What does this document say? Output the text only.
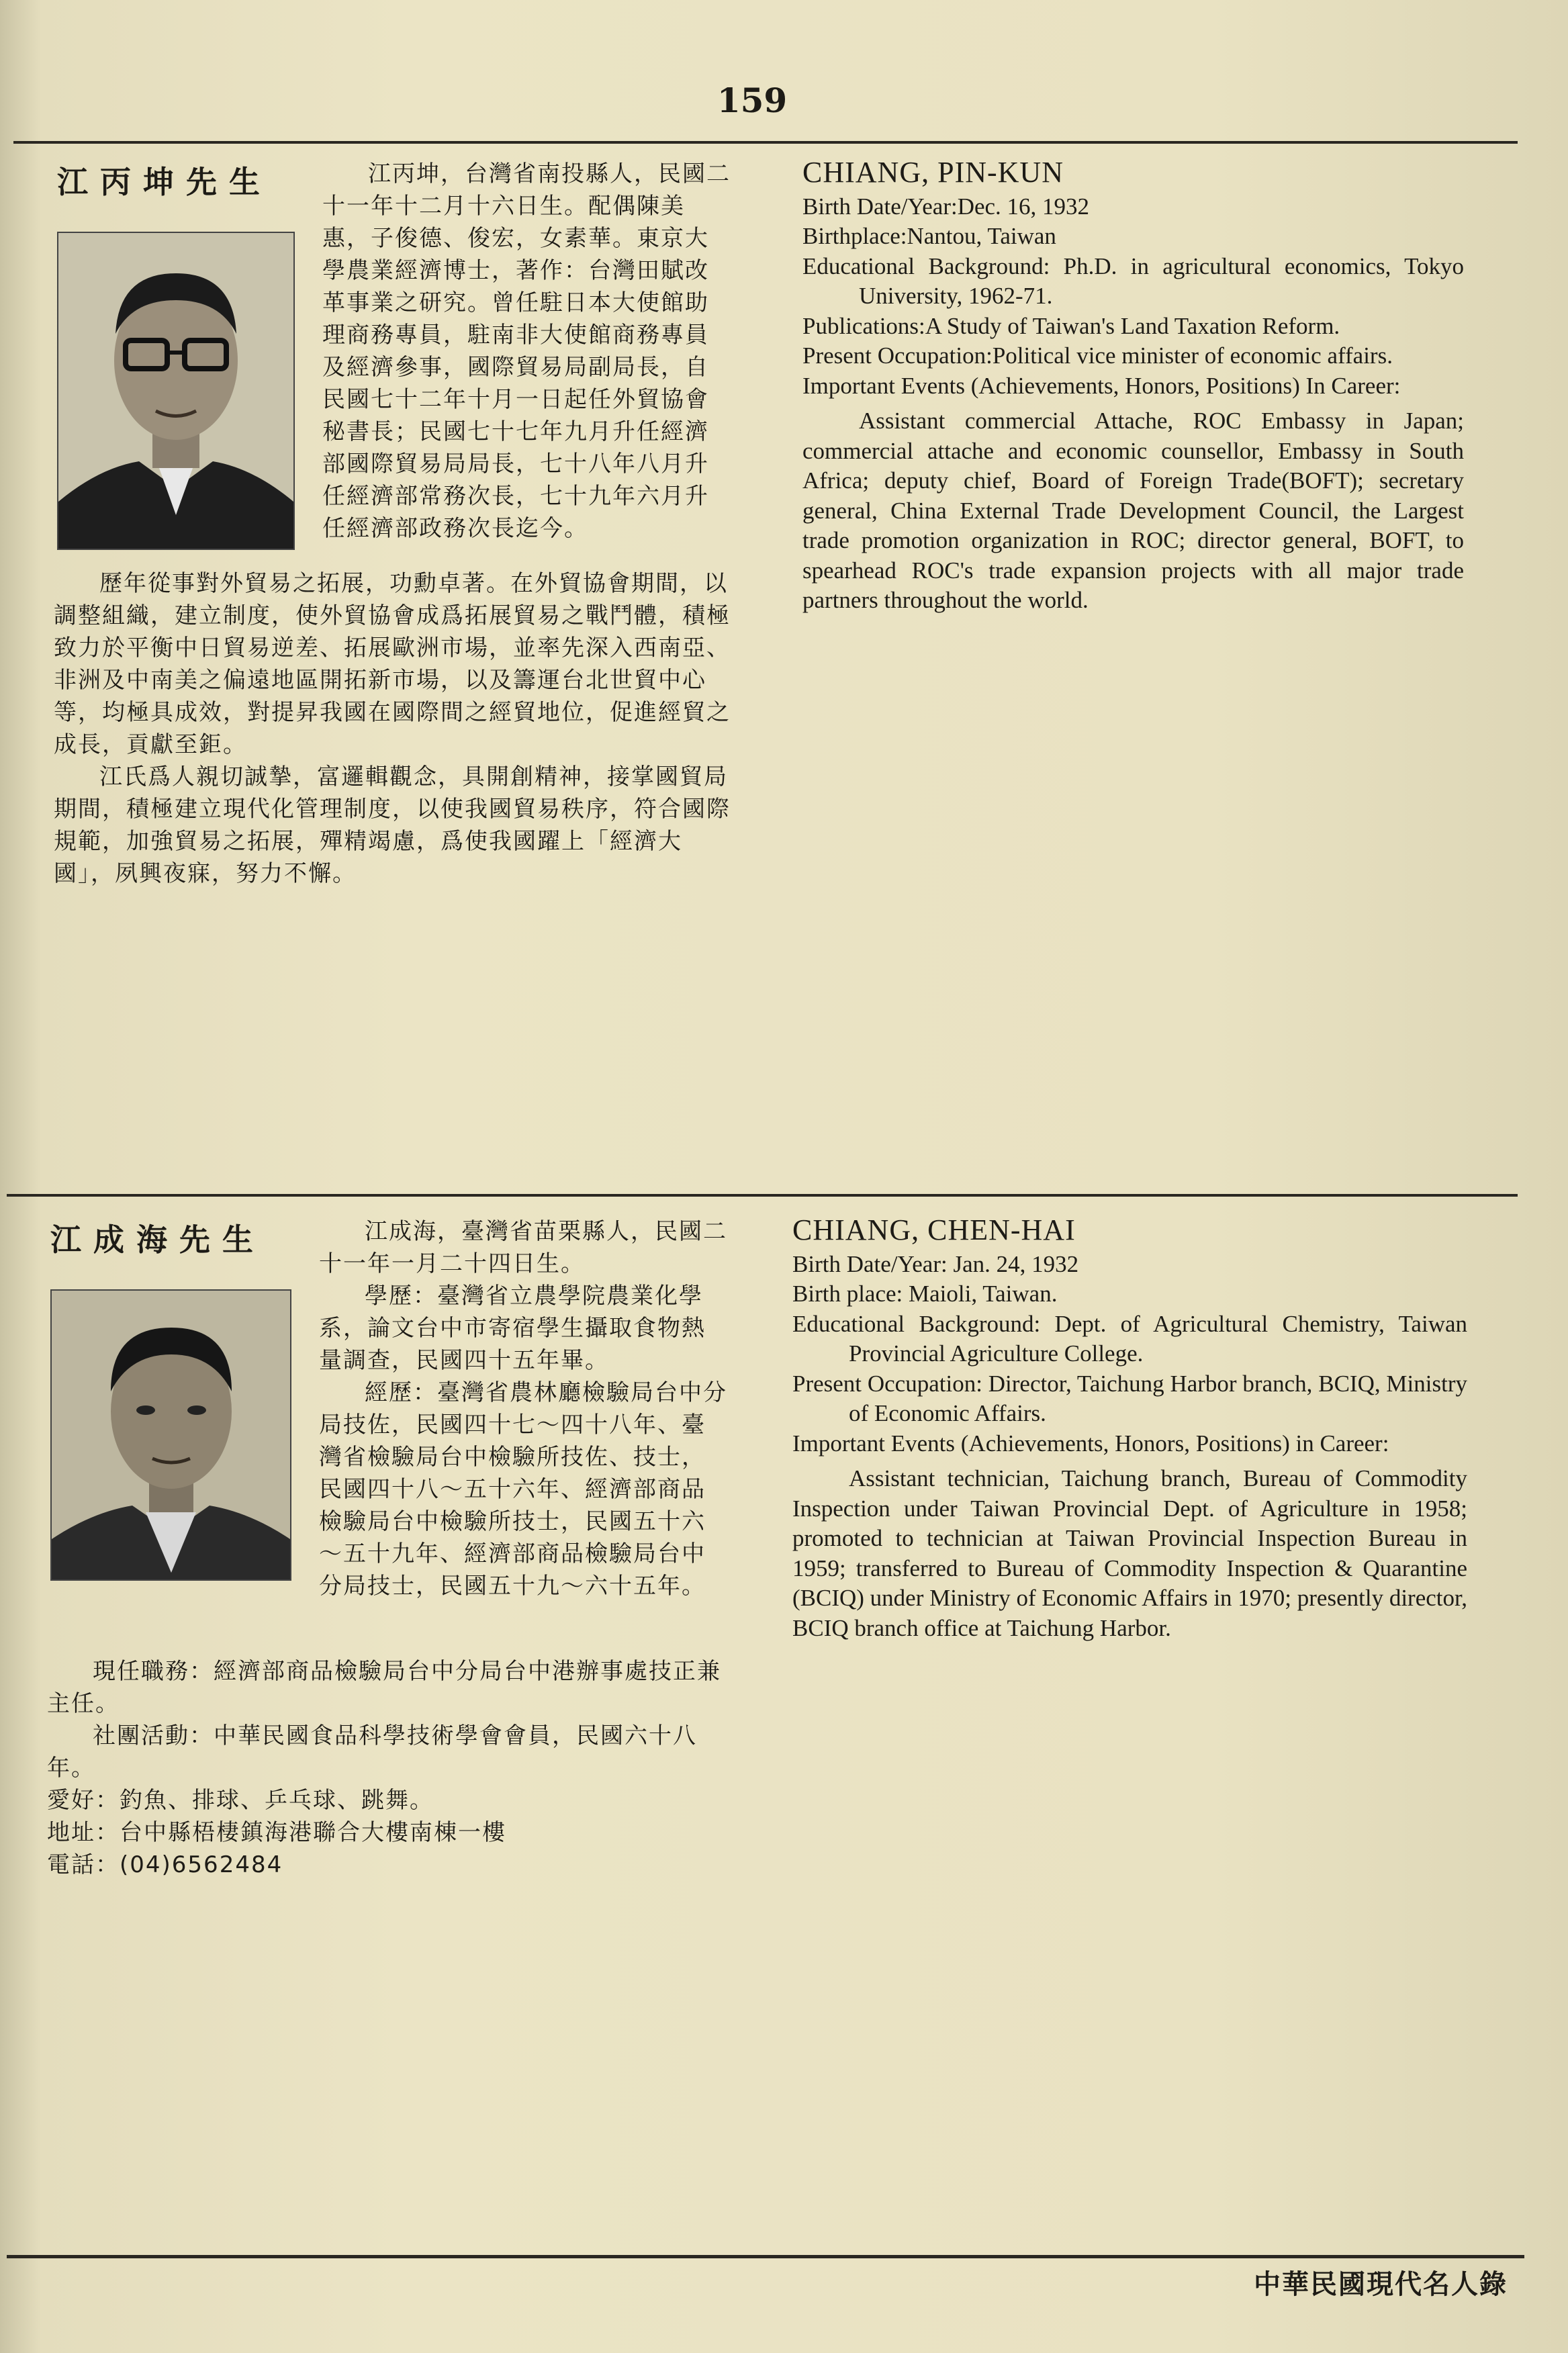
159
江丙坤先生	江丙坤，台灣省南投縣人，民國二十一年十二月十六日生。配偶陳美惠，子俊德、俊宏，女素華。東京大學農業經濟博士，著作：台灣田賦改革事業之研究。曾任駐日本大使館助理商務專員，駐南非大使館商務專員及經濟參事，國際貿易局副局長，自民國七十二年十月一日起任外貿協會秘書長；民國七十七年九月升任經濟部國際貿易局局長，七十八年八月升任經濟部常務次長，七十九年六月升任經濟部政務次長迄今。

歷年從事對外貿易之拓展，功勳卓著。在外貿協會期間，以調整組織，建立制度，使外貿協會成爲拓展貿易之戰鬥體，積極致力於平衡中日貿易逆差、拓展歐洲市場，並率先深入西南亞、非洲及中南美之偏遠地區開拓新市場，以及籌運台北世貿中心等，均極具成效，對提昇我國在國際間之經貿地位，促進經貿之成長，貢獻至鉅。

江氏爲人親切誠摯，富邏輯觀念，具開創精神，接掌國貿局期間，積極建立現代化管理制度，以使我國貿易秩序，符合國際規範，加強貿易之拓展，殫精竭慮，爲使我國躍上「經濟大國」，夙興夜寐，努力不懈。

CHIANG, PIN-KUN

Birth Date/Year:Dec. 16, 1932

Birthplace:Nantou, Taiwan

Educational Background: Ph.D. in agricultural economics, Tokyo University, 1962-71.

Publications:A Study of Taiwan's Land Taxation Reform.

Present Occupation:Political vice minister of economic affairs.

Important Events (Achievements, Honors, Positions) In Career:

Assistant commercial Attache, ROC Embassy in Japan; commercial attache and economic counsellor, Embassy in South Africa; deputy chief, Board of Foreign Trade(BOFT); secretary general, China External Trade Development Council, the Largest trade promotion organization in ROC; director general, BOFT, to spearhead ROC's trade expansion projects with all major trade partners throughout the world.

江成海先生	江成海，臺灣省苗栗縣人，民國二十一年一月二十四日生。

學歷：臺灣省立農學院農業化學系，論文台中市寄宿學生攝取食物熱量調查，民國四十五年畢。

經歷：臺灣省農林廳檢驗局台中分局技佐，民國四十七～四十八年、臺灣省檢驗局台中檢驗所技佐、技士，民國四十八～五十六年、經濟部商品檢驗局台中檢驗所技士，民國五十六～五十九年、經濟部商品檢驗局台中分局技士，民國五十九～六十五年。

現任職務：經濟部商品檢驗局台中分局台中港辦事處技正兼主任。

社團活動：中華民國食品科學技術學會會員，民國六十八年。

愛好：釣魚、排球、乒乓球、跳舞。

地址：台中縣梧棲鎮海港聯合大樓南棟一樓

電話：(04)6562484

CHIANG, CHEN-HAI

Birth Date/Year: Jan. 24, 1932

Birth place: Maioli, Taiwan.

Educational Background: Dept. of Agricultural Chemistry, Taiwan Provincial Agriculture College.

Present Occupation: Director, Taichung Harbor branch, BCIQ, Ministry of Economic Affairs.

Important Events (Achievements, Honors, Positions) in Career:

Assistant technician, Taichung branch, Bureau of Commodity Inspection under Taiwan Provincial Dept. of Agriculture in 1958; promoted to technician at Taiwan Provincial Inspection Bureau in 1959; transferred to Bureau of Commodity Inspection & Quarantine (BCIQ) under Ministry of Economic Affairs in 1970; presently director, BCIQ branch office at Taichung Harbor.

中華民國現代名人錄
